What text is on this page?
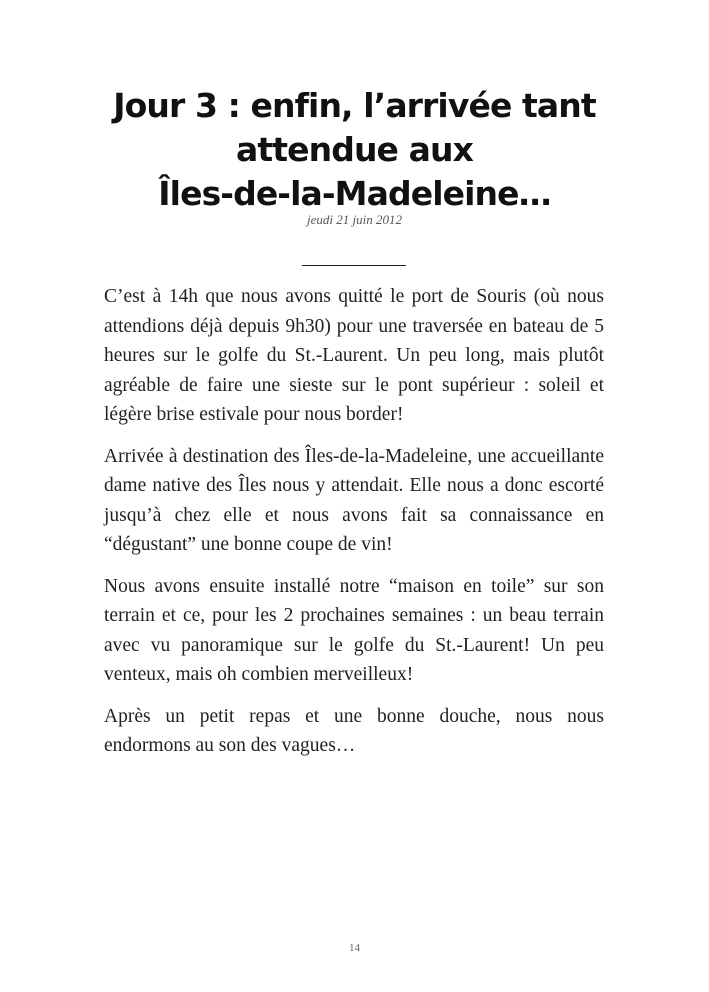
Jour 3 : enfin, l’arrivée tant
attendue aux
Îles-de-la-Madeleine…
jeudi 21 juin 2012

C’est à 14h que nous avons quitté le port de Souris (où nous attendions déjà depuis 9h30) pour une traversée en bateau de 5 heures sur le golfe du St.-Laurent. Un peu long, mais plutôt agréable de faire une sieste sur le pont supérieur : soleil et légère brise estivale pour nous border!

Arrivée à destination des Îles-de-la-Madeleine, une accueillante dame native des Îles nous y attendait. Elle nous a donc escorté jusqu’à chez elle et nous avons fait sa connaissance en “dégustant” une bonne coupe de vin!

Nous avons ensuite installé notre “maison en toile” sur son terrain et ce, pour les 2 prochaines semaines : un beau terrain avec vu panoramique sur le golfe du St.-Laurent! Un peu venteux, mais oh combien merveilleux!

Après un petit repas et une bonne douche, nous nous endormons au son des vagues…

14
